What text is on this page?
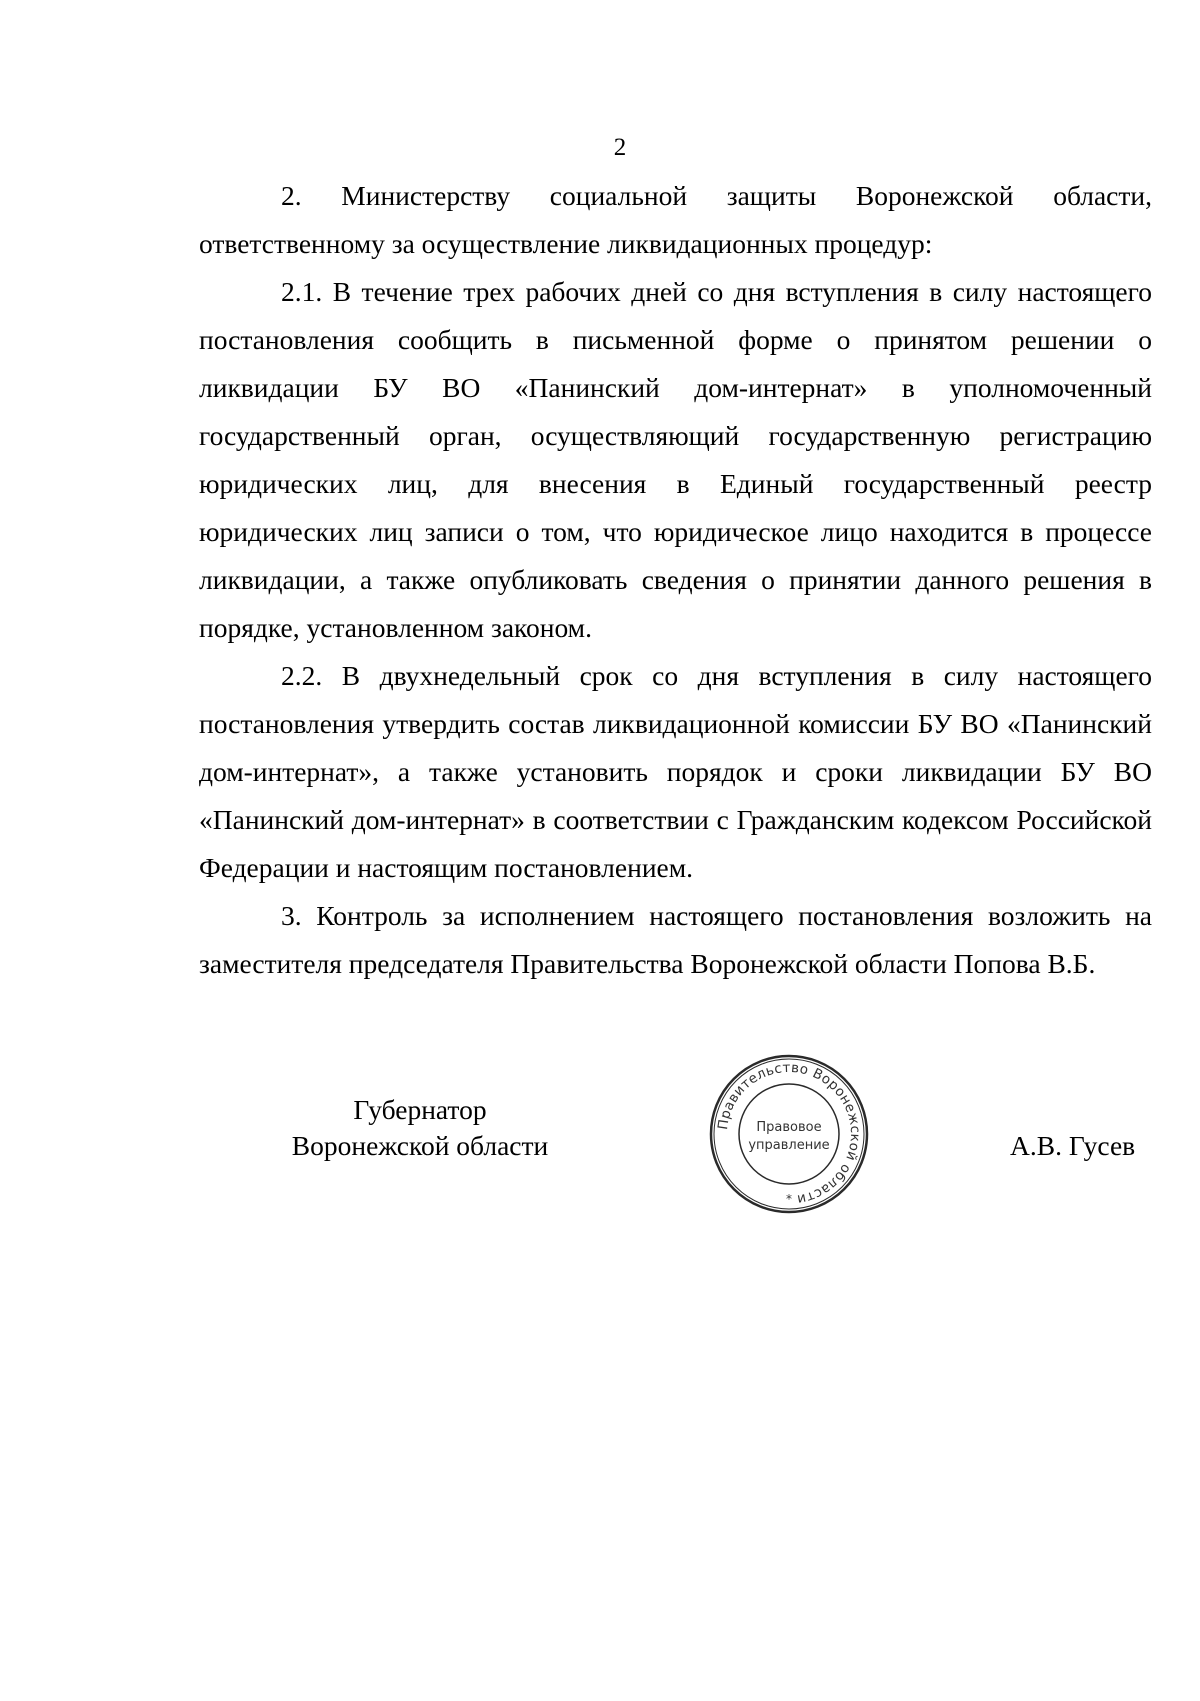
2

2. Министерству социальной защиты Воронежской области, ответственному за осуществление ликвидационных процедур:

2.1. В течение трех рабочих дней со дня вступления в силу настоящего постановления сообщить в письменной форме о принятом решении о ликвидации БУ ВО «Панинский дом-интернат» в уполномоченный государственный орган, осуществляющий государственную регистрацию юридических лиц, для внесения в Единый государственный реестр юридических лиц записи о том, что юридическое лицо находится в процессе ликвидации, а также опубликовать сведения о принятии данного решения в порядке, установленном законом.

2.2. В двухнедельный срок со дня вступления в силу настоящего постановления утвердить состав ликвидационной комиссии БУ ВО «Панинский дом-интернат», а также установить порядок и сроки ликвидации БУ ВО «Панинский дом-интернат» в соответствии с Гражданским кодексом Российской Федерации и настоящим постановлением.

3. Контроль за исполнением настоящего постановления возложить на заместителя председателя Правительства Воронежской области Попова В.Б.

Губернатор
Воронежской области	А.В. Гусев
Правительство Воронежской области
Правовое
управление
*
